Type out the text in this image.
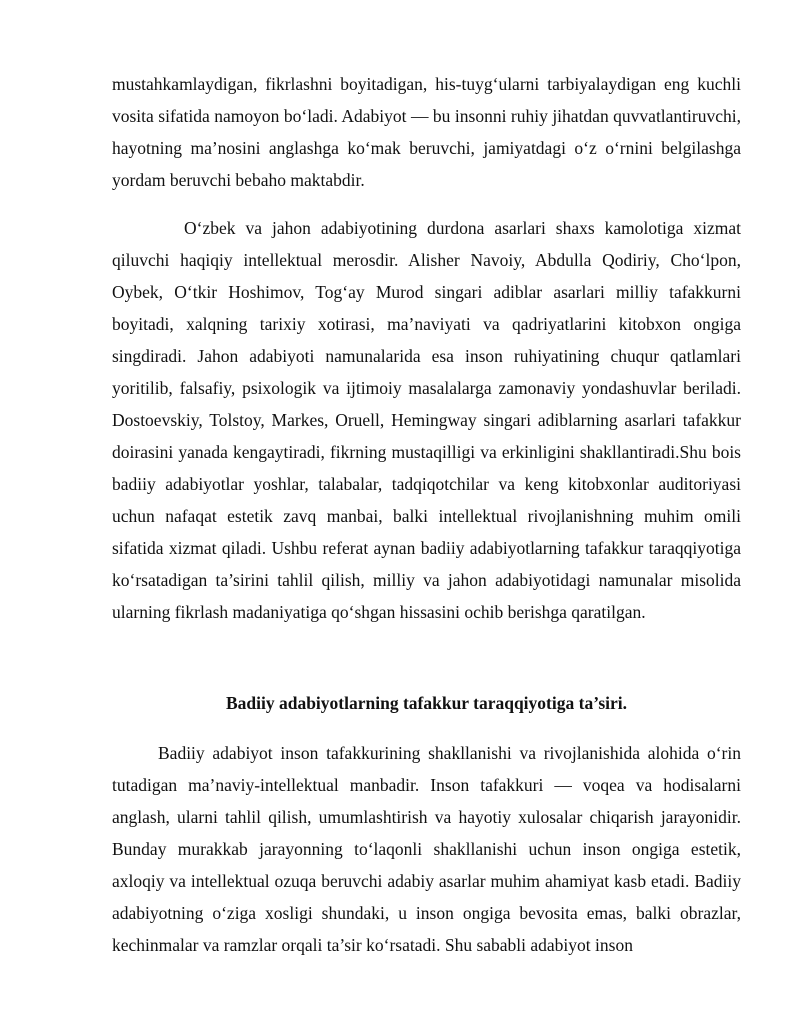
mustahkamlaydigan, fikrlashni boyitadigan, his-tuyg‘ularni tarbiyalaydigan eng kuchli vosita sifatida namoyon bo‘ladi. Adabiyot — bu insonni ruhiy jihatdan quvvatlantiruvchi, hayotning ma’nosini anglashga ko‘mak beruvchi, jamiyatdagi o‘z o‘rnini belgilashga yordam beruvchi bebaho maktabdir.

O‘zbek va jahon adabiyotining durdona asarlari shaxs kamolotiga xizmat qiluvchi haqiqiy intellektual merosdir. Alisher Navoiy, Abdulla Qodiriy, Cho‘lpon, Oybek, O‘tkir Hoshimov, Tog‘ay Murod singari adiblar asarlari milliy tafakkurni boyitadi, xalqning tarixiy xotirasi, ma’naviyati va qadriyatlarini kitobxon ongiga singdiradi. Jahon adabiyoti namunalarida esa inson ruhiyatining chuqur qatlamlari yoritilib, falsafiy, psixologik va ijtimoiy masalalarga zamonaviy yondashuvlar beriladi. Dostoevskiy, Tolstoy, Markes, Oruell, Hemingway singari adiblarning asarlari tafakkur doirasini yanada kengaytiradi, fikrning mustaqilligi va erkinligini shakllantiradi.Shu bois badiiy adabiyotlar yoshlar, talabalar, tadqiqotchilar va keng kitobxonlar auditoriyasi uchun nafaqat estetik zavq manbai, balki intellektual rivojlanishning muhim omili sifatida xizmat qiladi. Ushbu referat aynan badiiy adabiyotlarning tafakkur taraqqiyotiga ko‘rsatadigan ta’sirini tahlil qilish, milliy va jahon adabiyotidagi namunalar misolida ularning fikrlash madaniyatiga qo‘shgan hissasini ochib berishga qaratilgan.

Badiiy adabiyotlarning tafakkur taraqqiyotiga ta’siri.

Badiiy adabiyot inson tafakkurining shakllanishi va rivojlanishida alohida o‘rin tutadigan ma’naviy-intellektual manbadir. Inson tafakkuri — voqea va hodisalarni anglash, ularni tahlil qilish, umumlashtirish va hayotiy xulosalar chiqarish jarayonidir. Bunday murakkab jarayonning to‘laqonli shakllanishi uchun inson ongiga estetik, axloqiy va intellektual ozuqa beruvchi adabiy asarlar muhim ahamiyat kasb etadi. Badiiy adabiyotning o‘ziga xosligi shundaki, u inson ongiga bevosita emas, balki obrazlar, kechinmalar va ramzlar orqali ta’sir ko‘rsatadi. Shu sababli adabiyot inson
